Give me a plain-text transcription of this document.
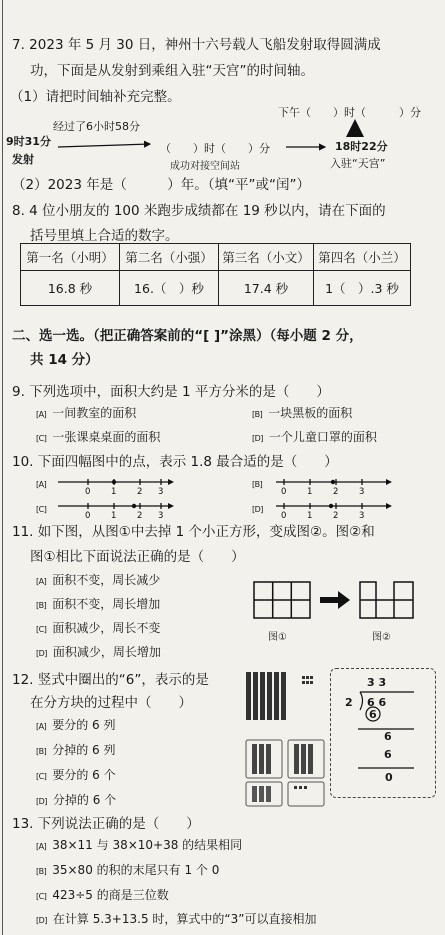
7. 2023 年 5 月 30 日，神州十六号载人飞船发射取得圆满成
功，下面是从发射到乘组入驻“天宫”的时间轴。
（1）请把时间轴补充完整。
下午（　　）时（　　　）分
经过了6小时58分
9时31分
发射
（　　）时（　　）分
成功对接空间站
18时22分
入驻“天宫”
（2）2023 年是（　　　）年。（填“平”或“闰”）
8. 4 位小朋友的 100 米跑步成绩都在 19 秒以内，请在下面的
括号里填上合适的数字。
第一名（小明）	第二名（小强）	第三名（小文）	第四名（小兰）
16.8 秒	16.（　）秒	17.4 秒	1（　）.3 秒
二、选一选。（把正确答案前的“[ ]”涂黑）（每小题 2 分，
共 14 分）
9. 下列选项中，面积大约是 1 平方分米的是（　　）
[A] 一间教室的面积	[B] 一块黑板的面积
[C] 一张课桌桌面的面积	[D] 一个儿童口罩的面积
10. 下面四幅图中的点，表示 1.8 最合适的是（　　）
[A]	[B]
[C]	[D]
0 1 2 3	0 1 2 3
0 1 2 3	0 1 2 3
11. 如下图，从图①中去掉 1 个小正方形，变成图②。图②和
图①相比下面说法正确的是（　　）
[A] 面积不变，周长减少
[B] 面积不变，周长增加
[C] 面积减少，周长不变
[D] 面积减少，周长增加
图①	图②
12. 竖式中圈出的“6”，表示的是
在分方块的过程中（　　）
[A] 要分的 6 列
[B] 分掉的 6 列
[C] 要分的 6 个
[D] 分掉的 6 个
3 3
2 6 6
6
6
6
0
13. 下列说法正确的是（　　）
[A] 38×11 与 38×10+38 的结果相同
[B] 35×80 的积的末尾只有 1 个 0
[C] 423÷5 的商是三位数
[D] 在计算 5.3+13.5 时，算式中的“3”可以直接相加
